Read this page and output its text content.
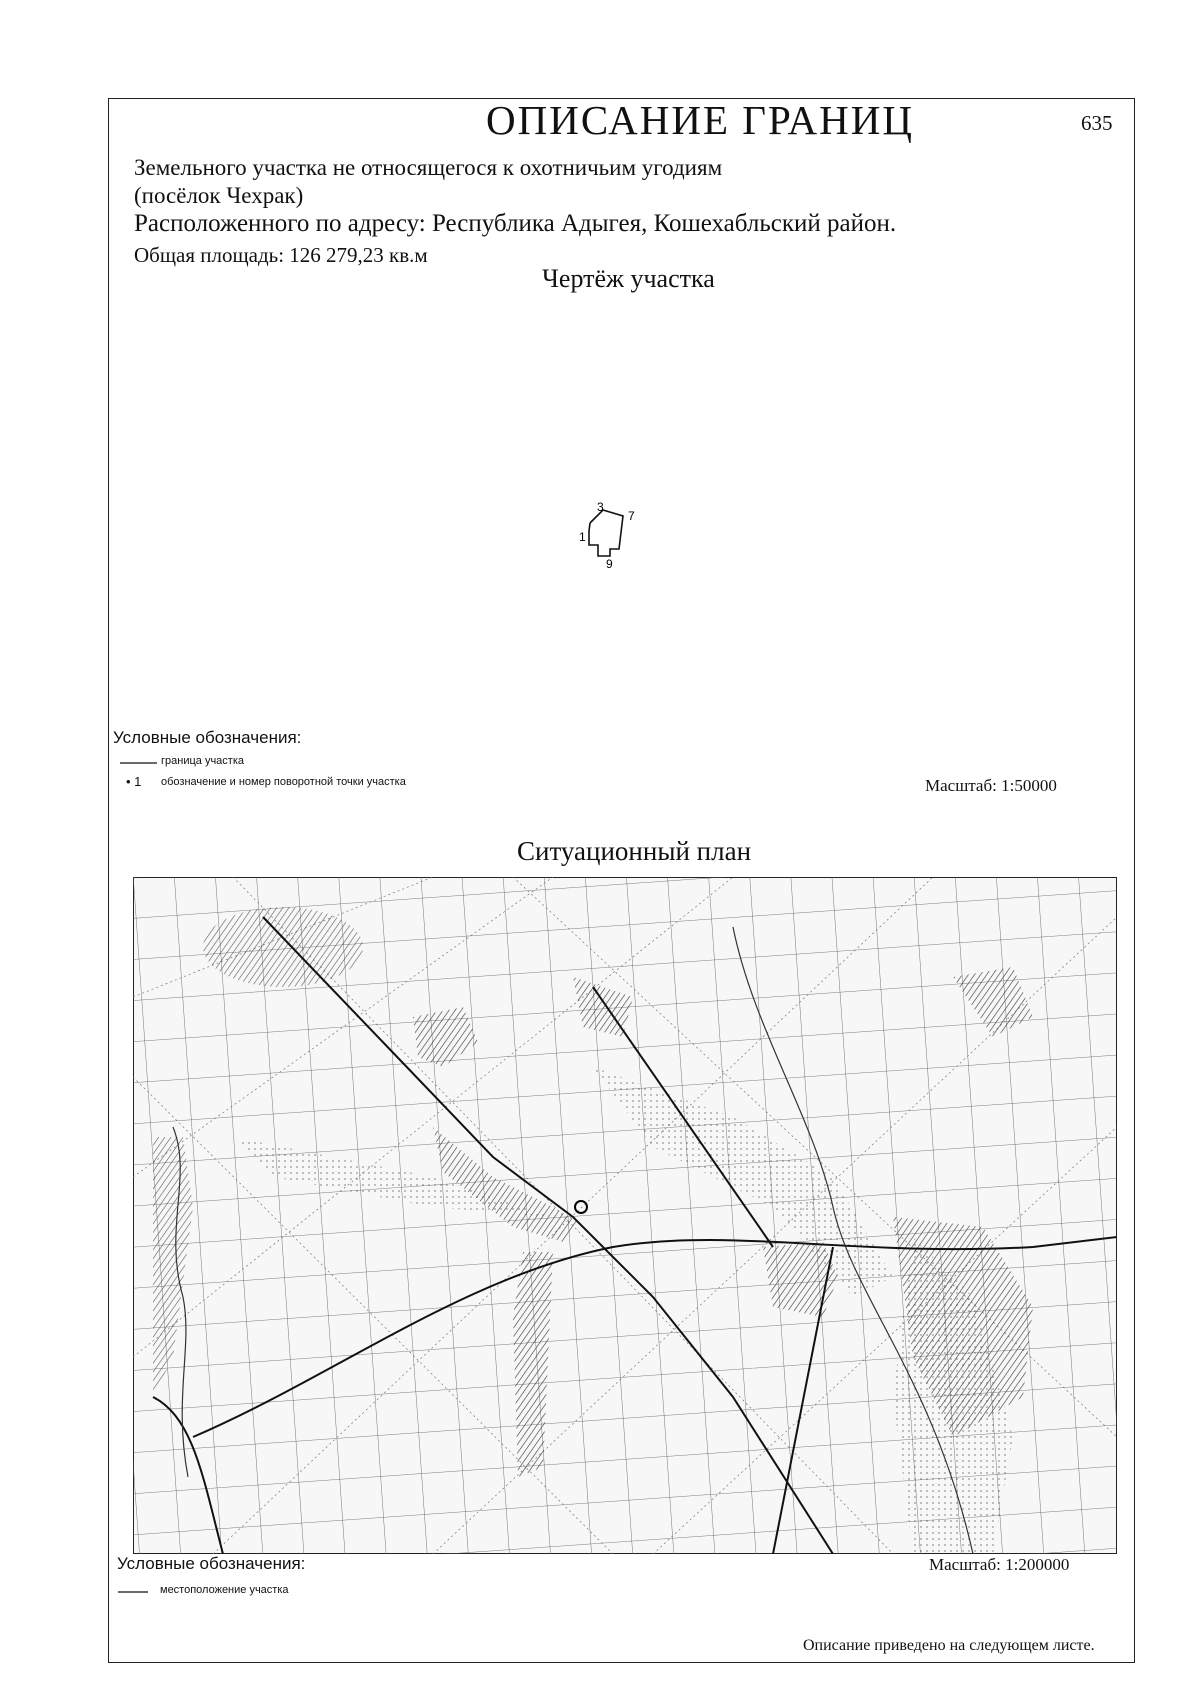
ОПИСАНИЕ ГРАНИЦ	635
Земельного участка не относящегося к охотничьим угодиям
(посёлок Чехрак)
Расположенного по адресу: Республика Адыгея, Кошехабльский район.
Общая площадь: 126 279,23 кв.м
Чертёж участка
3
7
1
9
Условные обозначения:
граница участка
• 1 обозначение и номер поворотной точки участка	Масштаб: 1:50000
Ситуационный план
Условные обозначения:
местоположение участка
Масштаб: 1:200000
Описание приведено на следующем листе.
